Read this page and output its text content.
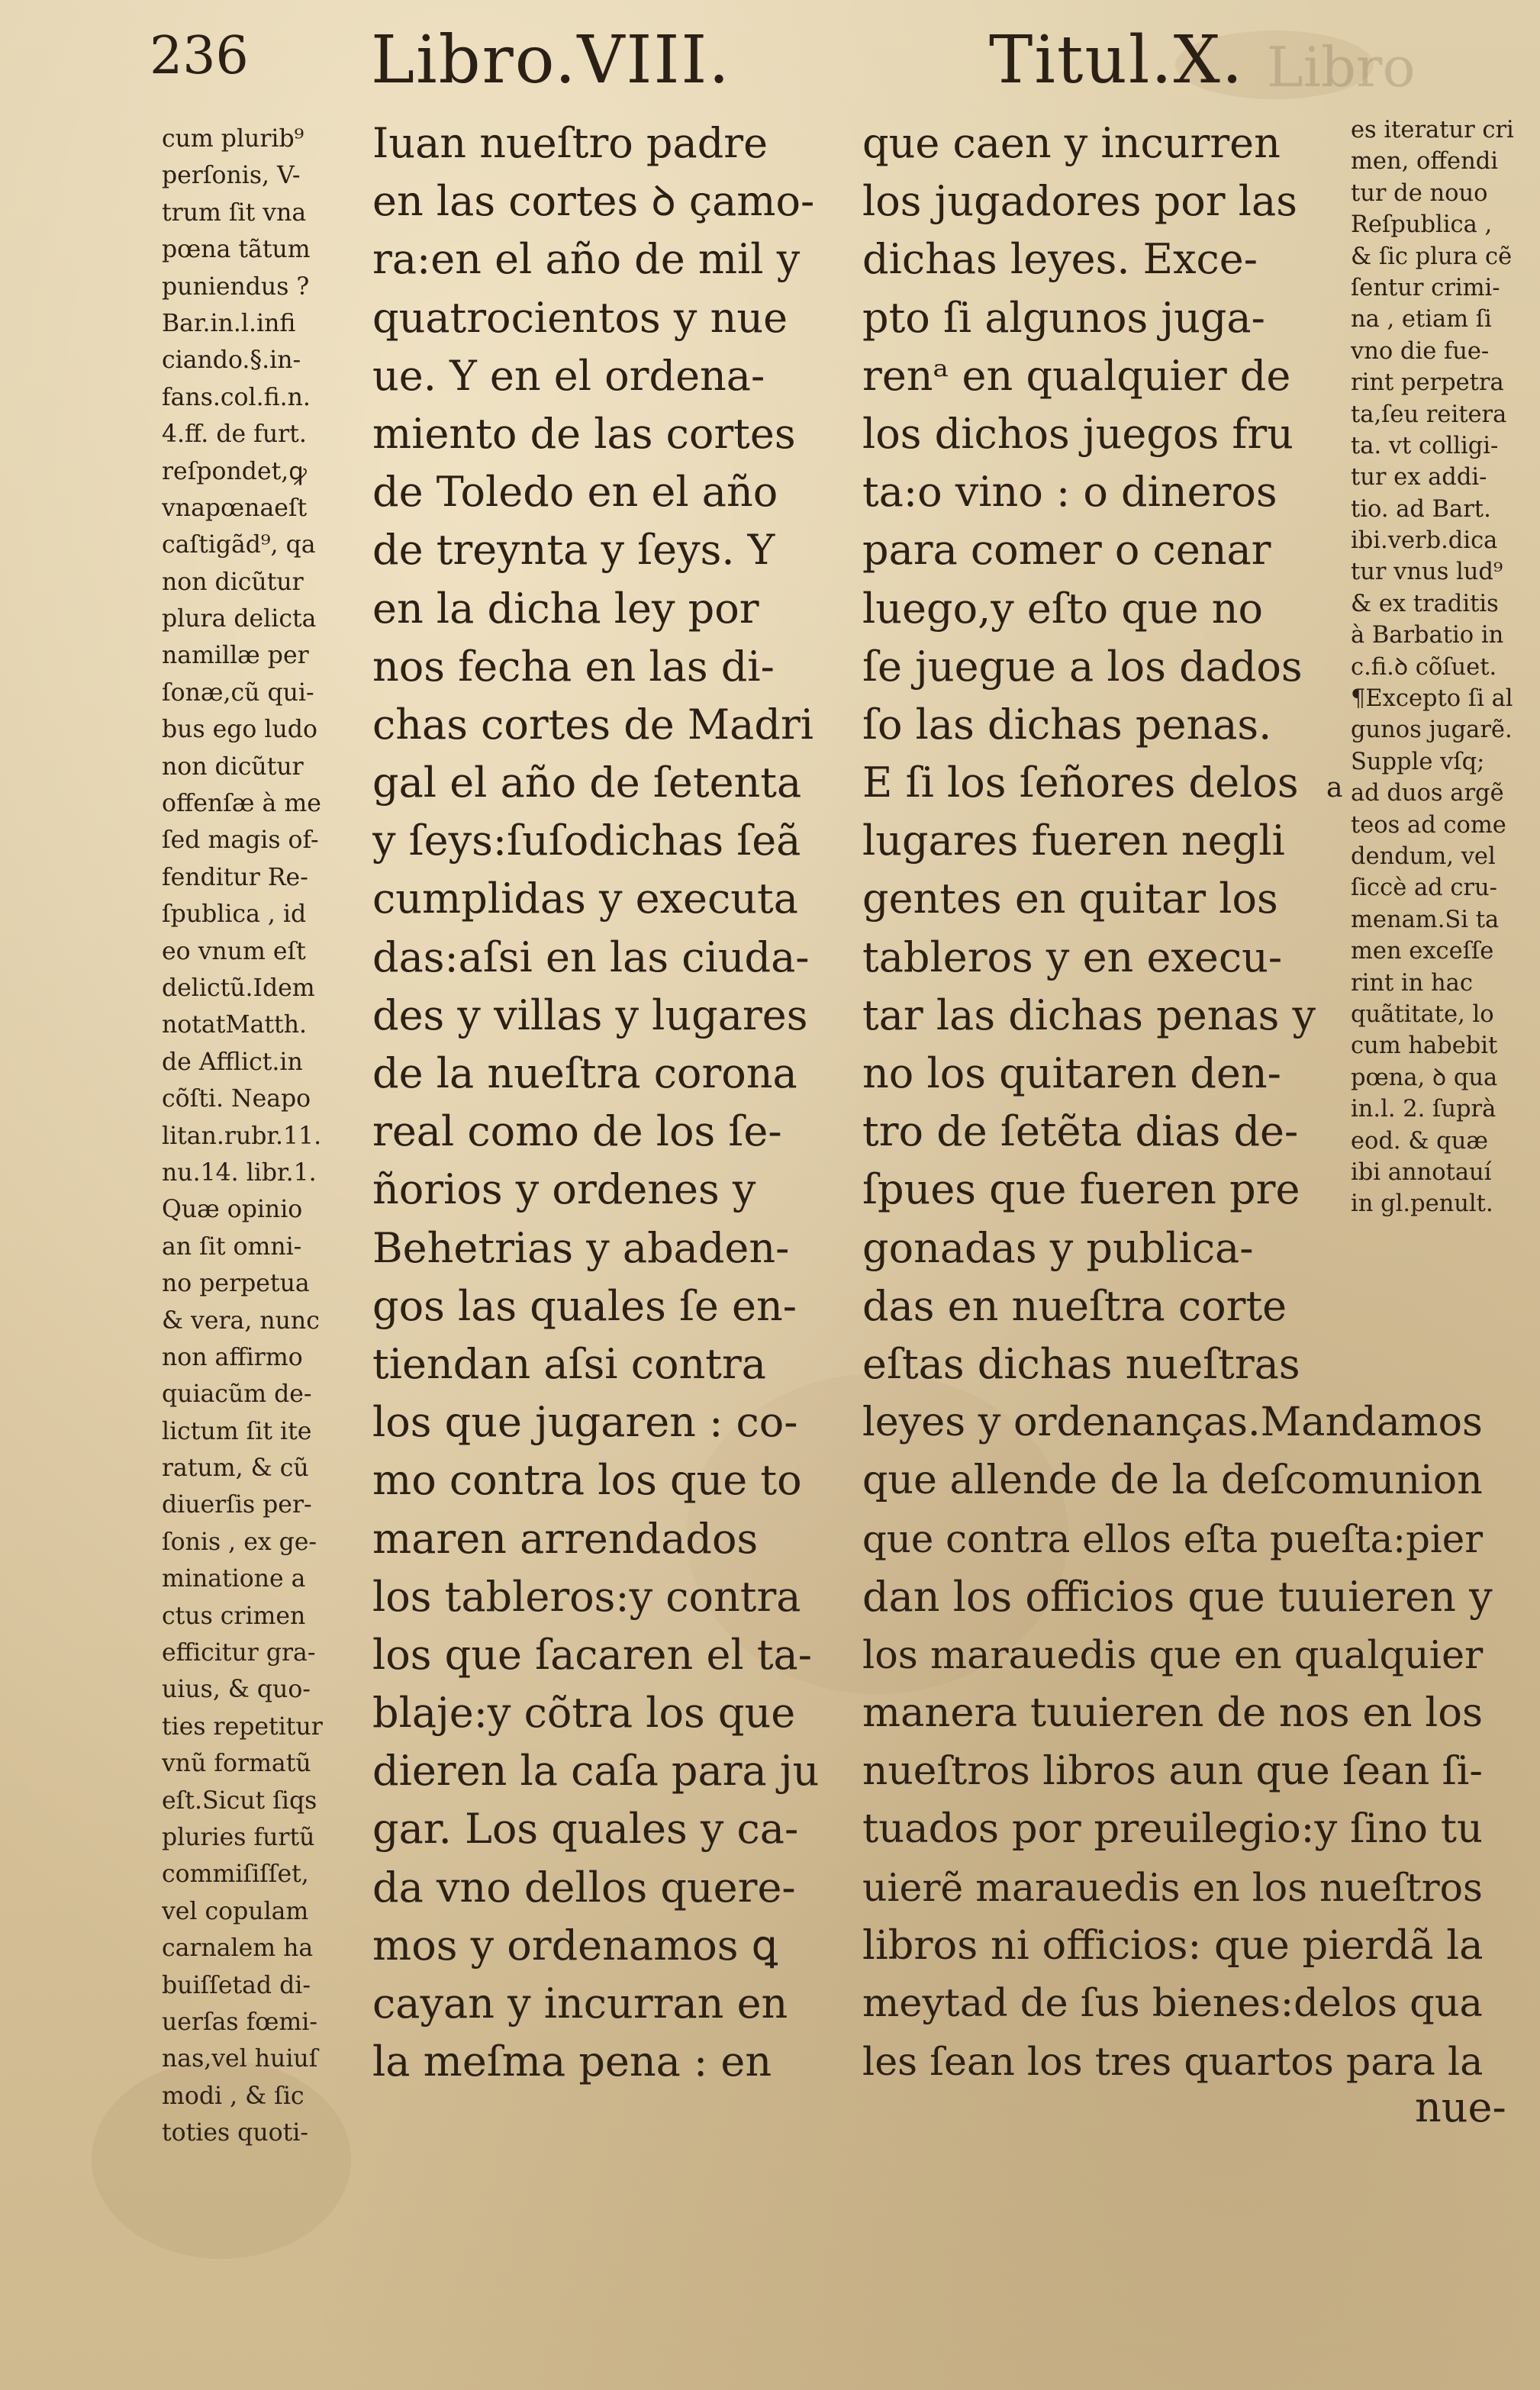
236 Libro.VIII.	Titul.X. Libro
cum plurib⁹
perſonis, V-
trum ſit vna
pœna tãtum
puniendus ?
Bar.in.l.infi
ciando.§.in-
fans.col.fi.n.
4.ff. de furt.
reſpondet,ꝙ
vnapœnaeſt
caſtigãd⁹, qa
non dicũtur
plura delicta
namillæ per
ſonæ,cũ qui-
bus ego ludo
non dicũtur
offenſæ à me
ſed magis of-
fenditur Re-
ſpublica , id
eo vnum eſt
delictũ.Idem
notatMatth.
de Afflict.in
cõſti. Neapo
litan.rubr.11.
nu.14. libr.1.
Quæ opinio
an ſit omni-
no perpetua
& vera, nunc
non affirmo
quiacũm de-
lictum ſit ite
ratum, & cũ
diuerſis per-
ſonis , ex ge-
minatione a
ctus crimen
efficitur gra-
uius, & quo-
ties repetitur
vnũ formatũ
eſt.Sicut ſiqs
pluries furtũ
commiſiſſet,
vel copulam
carnalem ha
buiſſetad di-
uerſas fœmi-
nas,vel huiuſ
modi , & ſic
toties quoti-
Iuan nueſtro padre
en las cortes ꝺ çamo-
ra:en el año de mil y
quatrocientos y nue
ue. Y en el ordena-
miento de las cortes
de Toledo en el año
de treynta y ſeys. Y
en la dicha ley por
nos fecha en las di-
chas cortes de Madri
gal el año de ſetenta
y ſeys:ſuſodichas ſeã
cumplidas y executa
das:aſsi en las ciuda-
des y villas y lugares
de la nueſtra corona
real como de los ſe-
ñorios y ordenes y
Behetrias y abaden-
gos las quales ſe en-
tiendan aſsi contra
los que jugaren : co-
mo contra los que to
maren arrendados
los tableros:y contra
los que ſacaren el ta-
blaje:y cõtra los que
dieren la caſa para ju
gar. Los quales y ca-
da vno dellos quere-
mos y ordenamos ꝗ
cayan y incurran en
la meſma pena : en
que caen y incurren
los jugadores por las
dichas leyes. Exce-
pto ſi algunos juga-
renᵃ en qualquier de
los dichos juegos fru
ta:o vino : o dineros
para comer o cenar
luego,y eſto que no
ſe juegue a los dados
ſo las dichas penas.
E ſi los ſeñores delos
lugares fueren negli
gentes en quitar los
tableros y en execu-
tar las dichas penas y
no los quitaren den-
tro de ſetẽta dias de-
ſpues que fueren pre
gonadas y publica-
das en nueſtra corte
eſtas dichas nueſtras
leyes y ordenanças.Mandamos
que allende de la deſcomunion
que contra ellos eſta pueſta:pier
dan los officios que tuuieren y
los marauedis que en qualquier
manera tuuieren de nos en los
nueſtros libros aun que ſean ſi-
tuados por preuilegio:y ſino tu
uierẽ marauedis en los nueſtros
libros ni officios: que pierdã la
meytad de ſus bienes:delos qua
les ſean los tres quartos para la
es iteratur cri
men, offendi
tur de nouo
Reſpublica ,
& ſic plura cẽ
ſentur crimi-
na , etiam ſi
vno die fue-
rint perpetra
ta,ſeu reitera
ta. vt colligi-
tur ex addi-
tio. ad Bart.
ibi.verb.dica
tur vnus lud⁹
& ex traditis
à Barbatio in
c.fi.ꝺ cõſuet.
¶Excepto ſi al
gunos jugarẽ.
Supple vſq;
ad duos argẽ
teos ad come
dendum, vel
ſiccè ad cru-
menam.Si ta
men exceſſe
rint in hac
quãtitate, lo
cum habebit
pœna, ꝺ qua
in.l. 2. ſuprà
eod. & quæ
ibi annotauí
in gl.penult.
a
nue-
